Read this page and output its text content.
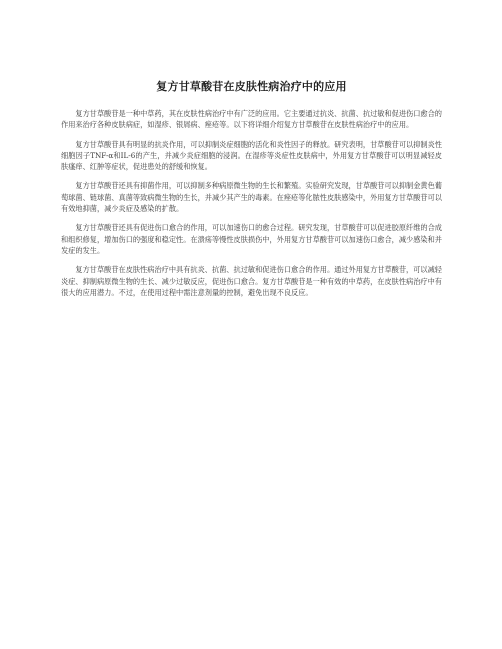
复方甘草酸苷在皮肤性病治疗中的应用

复方甘草酸苷是一种中草药，其在皮肤性病治疗中有广泛的应用。它主要通过抗炎、抗菌、抗过敏和促进伤口愈合的作用来治疗各种皮肤病症，如湿疹、银屑病、痤疮等。以下将详细介绍复方甘草酸苷在皮肤性病治疗中的应用。

复方甘草酸苷具有明显的抗炎作用，可以抑制炎症细胞的活化和炎性因子的释放。研究表明，甘草酸苷可以抑制炎性细胞因子TNF-α和IL-6的产生，并减少炎症细胞的浸润。在湿疹等炎症性皮肤病中，外用复方甘草酸苷可以明显减轻皮肤瘙痒、红肿等症状，促进患处的舒缓和恢复。

复方甘草酸苷还具有抑菌作用，可以抑制多种病原微生物的生长和繁殖。实验研究发现，甘草酸苷可以抑制金黄色葡萄球菌、链球菌、真菌等致病微生物的生长，并减少其产生的毒素。在痤疮等化脓性皮肤感染中，外用复方甘草酸苷可以有效地抑菌，减少炎症及感染的扩散。

复方甘草酸苷还具有促进伤口愈合的作用，可以加速伤口的愈合过程。研究发现，甘草酸苷可以促进胶原纤维的合成和组织修复，增加伤口的强度和稳定性。在溃疡等慢性皮肤损伤中，外用复方甘草酸苷可以加速伤口愈合，减少感染和并发症的发生。

复方甘草酸苷在皮肤性病治疗中具有抗炎、抗菌、抗过敏和促进伤口愈合的作用。通过外用复方甘草酸苷，可以减轻炎症、抑制病原微生物的生长、减少过敏反应，促进伤口愈合。复方甘草酸苷是一种有效的中草药，在皮肤性病治疗中有很大的应用潜力。不过，在使用过程中需注意剂量的控制，避免出现不良反应。
